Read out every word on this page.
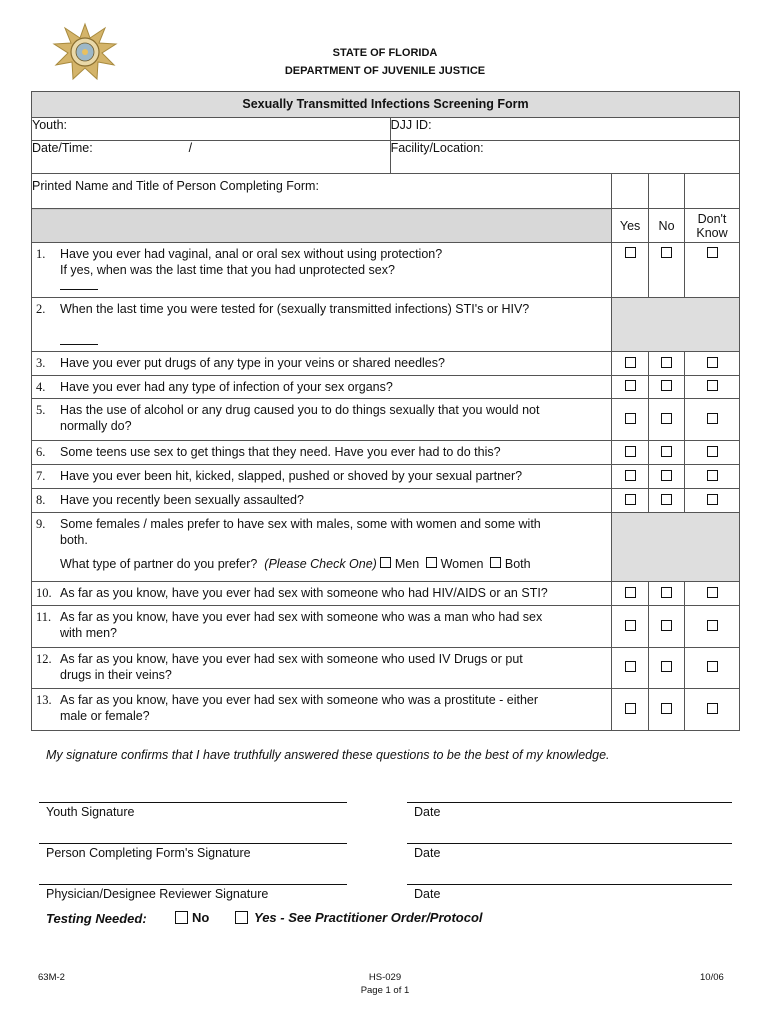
STATE OF FLORIDA
DEPARTMENT OF JUVENILE JUSTICE
Sexually Transmitted Infections Screening Form				
Youth:	DJJ ID:			
Date/Time: /	Facility/Location:			
Printed Name and Title of Person Completing Form:				
		Yes	No	Don't
Know

1. Have you ever had vaginal, anal or oral sex without using protection?
If yes, when was the last time that you had unprotected sex?				

2. When the last time you were tested for (sexually transmitted infections) STI's or HIV?				

3. Have you ever put drugs of any type in your veins or shared needles?				

4. Have you ever had any type of infection of your sex organs?				

5. Has the use of alcohol or any drug caused you to do things sexually that you would not
normally do?				

6. Some teens use sex to get things that they need. Have you ever had to do this?				

7. Have you ever been hit, kicked, slapped, pushed or shoved by your sexual partner?				

8. Have you recently been sexually assaulted?				

9. Some females / males prefer to have sex with males, some with women and some with
both.
What type of partner do you prefer? (Please Check One) Men Women Both				

10. As far as you know, have you ever had sex with someone who had HIV/AIDS or an STI?				

11. As far as you know, have you ever had sex with someone who was a man who had sex
with men?				

12. As far as you know, have you ever had sex with someone who used IV Drugs or put
drugs in their veins?				

13. As far as you know, have you ever had sex with someone who was a prostitute - either
male or female?				

My signature confirms that I have truthfully answered these questions to be the best of my knowledge.
Youth Signature	Date
Person Completing Form's Signature	Date
Physician/Designee Reviewer Signature	Date
Testing Needed:	No	Yes - See Practitioner Order/Protocol
63M-2	HS-029
Page 1 of 1
10/06
